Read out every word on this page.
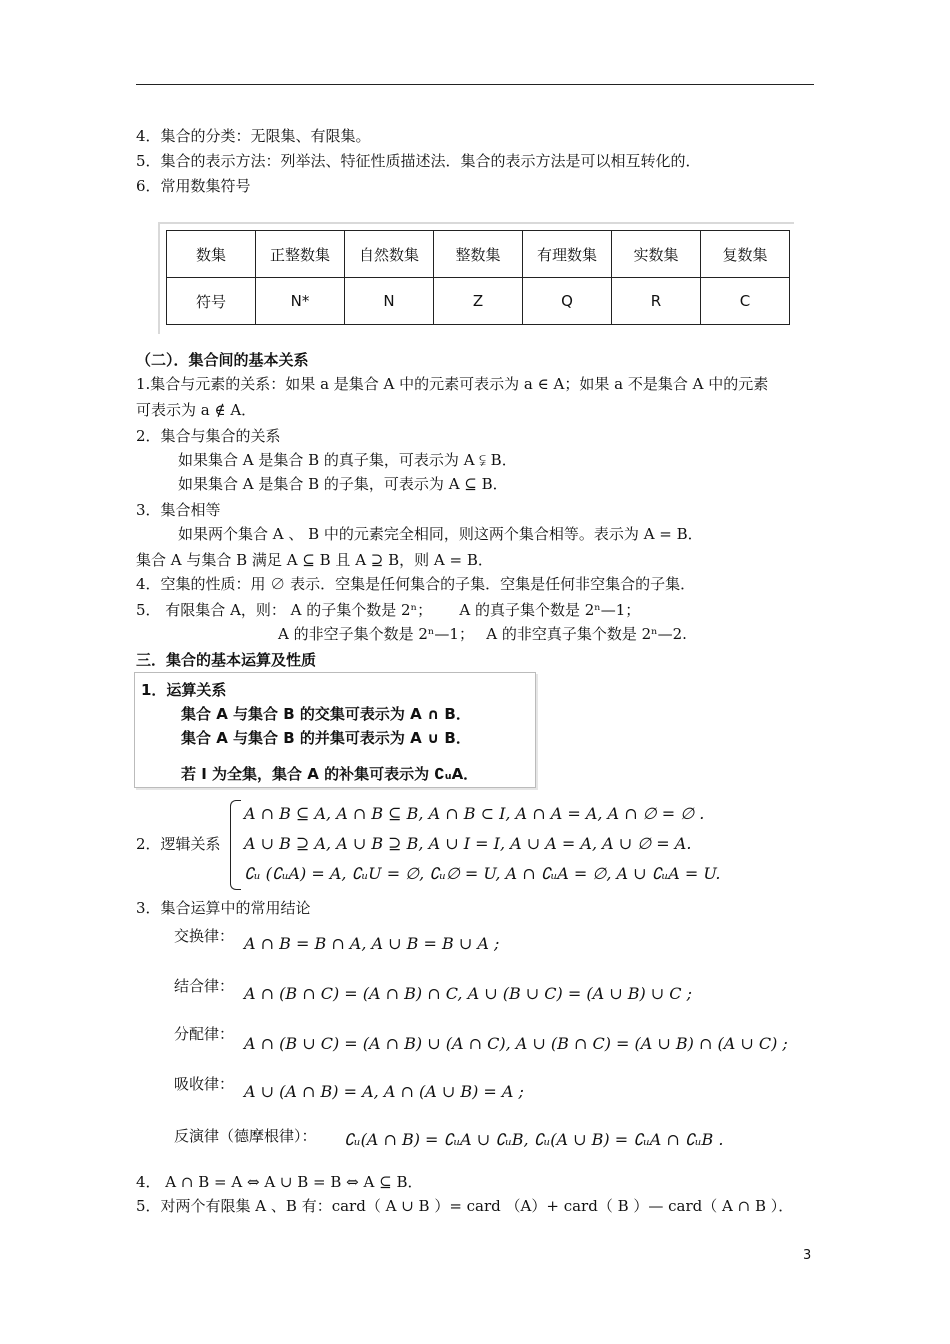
4．集合的分类：无限集、有限集。
5．集合的表示方法：列举法、特征性质描述法．集合的表示方法是可以相互转化的．
6．常用数集符号
数集	正整数集	自然数集	整数集	有理数集	实数集	复数集
符号	N*	N	Z	Q	R	C
（二）．集合间的基本关系
1.集合与元素的关系：如果 a 是集合 A 中的元素可表示为 a ∈ A；如果 a 不是集合 A 中的元素
可表示为 a ∉ A．
2．集合与集合的关系
如果集合 A 是集合 B 的真子集，可表示为 A ⫋ B．
如果集合 A 是集合 B 的子集，可表示为 A ⊆ B．
3．集合相等
如果两个集合 A 、 B 中的元素完全相同，则这两个集合相等。表示为 A = B．
集合 A 与集合 B 满足 A ⊆ B 且 A ⊇ B，则 A = B．
4．空集的性质：用 ∅ 表示．空集是任何集合的子集．空集是任何非空集合的子集．
5． 有限集合 A，则： A 的子集个数是 2ⁿ；　　 A 的真子集个数是 2ⁿ—1；
A 的非空子集个数是 2ⁿ—1；　 A 的非空真子集个数是 2ⁿ—2.
三．集合的基本运算及性质
1．运算关系
集合 A 与集合 B 的交集可表示为 A ∩ B．
集合 A 与集合 B 的并集可表示为 A ∪ B．
若 I 为全集，集合 A 的补集可表示为 ∁ᵤA．
2．逻辑关系
A ∩ B ⊆ A, A ∩ B ⊆ B, A ∩ B ⊂ I, A ∩ A = A, A ∩ ∅ = ∅ .
A ∪ B ⊇ A, A ∪ B ⊇ B, A ∪ I = I, A ∪ A = A, A ∪ ∅ = A.
∁ᵤ (∁ᵤA) = A, ∁ᵤU = ∅, ∁ᵤ∅ = U, A ∩ ∁ᵤA = ∅, A ∪ ∁ᵤA = U.
3．集合运算中的常用结论
交换律： A ∩ B = B ∩ A, A ∪ B = B ∪ A ;
结合律： A ∩ (B ∩ C) = (A ∩ B) ∩ C, A ∪ (B ∪ C) = (A ∪ B) ∪ C ;
分配律： A ∩ (B ∪ C) = (A ∩ B) ∪ (A ∩ C), A ∪ (B ∩ C) = (A ∪ B) ∩ (A ∪ C) ;
吸收律： A ∪ (A ∩ B) = A, A ∩ (A ∪ B) = A ;
反演律（德摩根律）： ∁ᵤ(A ∩ B) = ∁ᵤA ∪ ∁ᵤB, ∁ᵤ(A ∪ B) = ∁ᵤA ∩ ∁ᵤB .
4． A ∩ B = A ⇔ A ∪ B = B ⇔ A ⊆ B．
5．对两个有限集 A 、B 有：card（ A ∪ B ）= card （A）+ card（ B ）— card（ A ∩ B ）．
3
